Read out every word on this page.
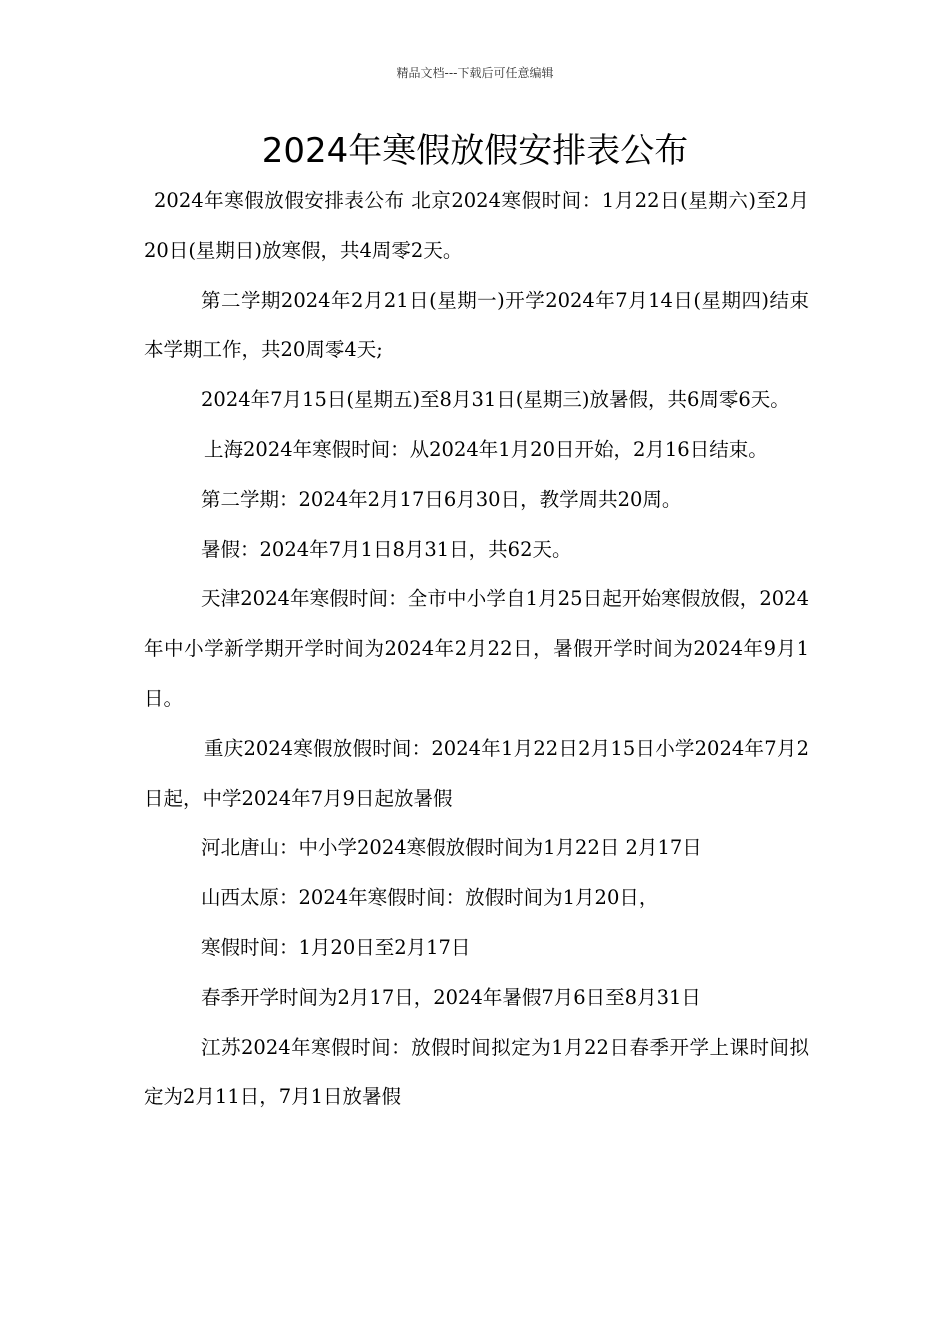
精品文档---下载后可任意编辑
2024年寒假放假安排表公布

2024年寒假放假安排表公布 北京2024寒假时间：1月22日(星期六)至2月20日(星期日)放寒假，共4周零2天。

第二学期2024年2月21日(星期一)开学2024年7月14日(星期四)结束本学期工作，共20周零4天;

2024年7月15日(星期五)至8月31日(星期三)放暑假，共6周零6天。

上海2024年寒假时间：从2024年1月20日开始，2月16日结束。

第二学期：2024年2月17日6月30日，教学周共20周。

暑假：2024年7月1日8月31日，共62天。

天津2024年寒假时间：全市中小学自1月25日起开始寒假放假，2024年中小学新学期开学时间为2024年2月22日，暑假开学时间为2024年9月1日。

重庆2024寒假放假时间：2024年1月22日2月15日小学2024年7月2日起，中学2024年7月9日起放暑假

河北唐山：中小学2024寒假放假时间为1月22日 2月17日

山西太原：2024年寒假时间：放假时间为1月20日，

寒假时间：1月20日至2月17日

春季开学时间为2月17日，2024年暑假7月6日至8月31日

江苏2024年寒假时间：放假时间拟定为1月22日春季开学上课时间拟定为2月11日，7月1日放暑假
